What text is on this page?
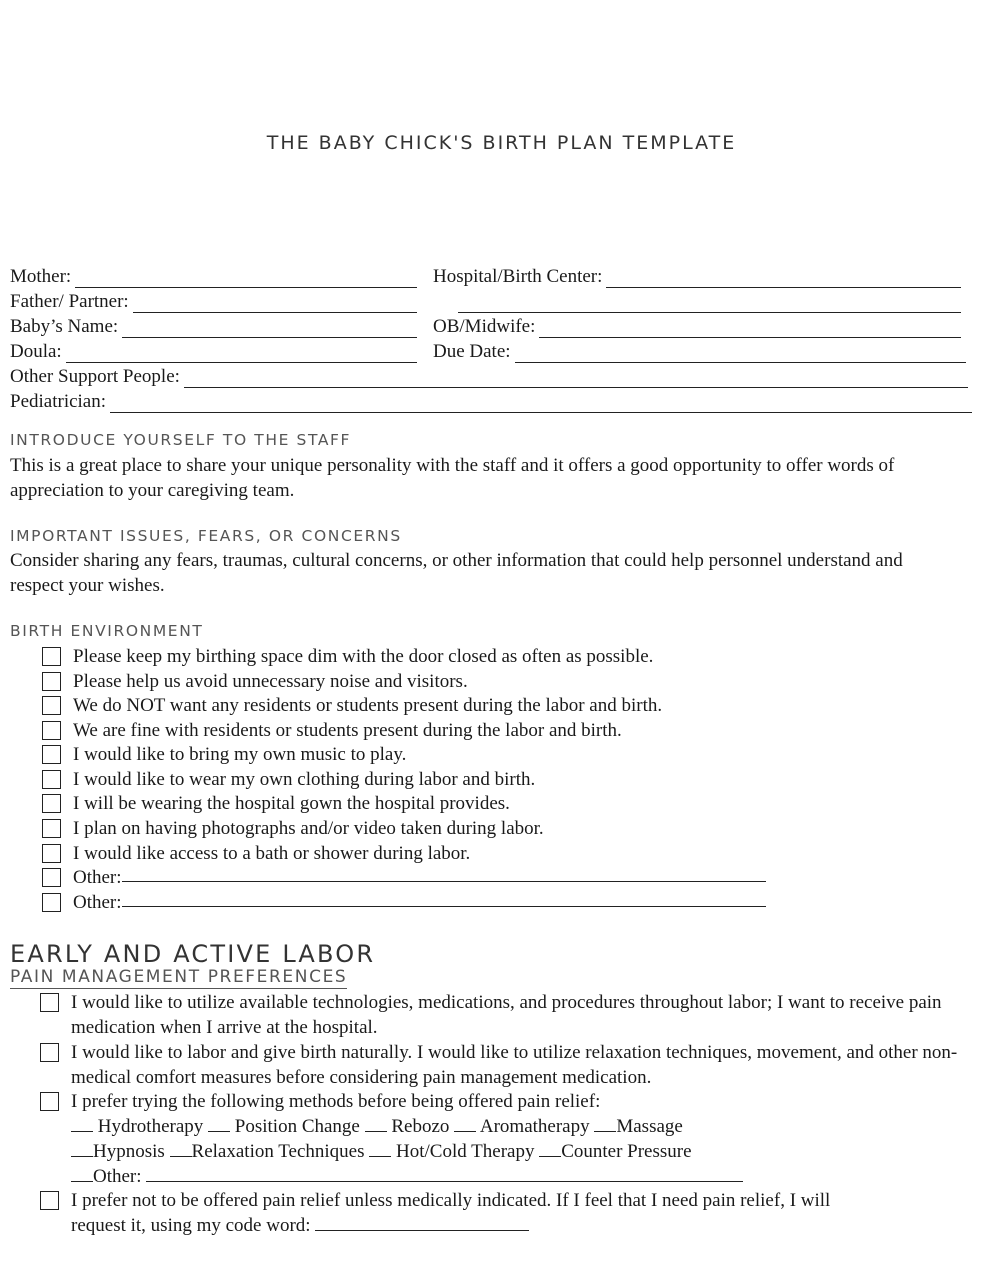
THE BABY CHICK'S BIRTH PLAN TEMPLATE
Mother:	Hospital/Birth Center:
Father/ Partner:
Baby’s Name:	OB/Midwife:
Doula:	Due Date:
Other Support People:
Pediatrician:
INTRODUCE YOURSELF TO THE STAFF
This is a great place to share your unique personality with the staff and it offers a good opportunity to offer words of appreciation to your caregiving team.
IMPORTANT ISSUES, FEARS, OR CONCERNS
Consider sharing any fears, traumas, cultural concerns, or other information that could help personnel understand and respect your wishes.
BIRTH ENVIRONMENT
Please keep my birthing space dim with the door closed as often as possible.
Please help us avoid unnecessary noise and visitors.
We do NOT want any residents or students present during the labor and birth.
We are fine with residents or students present during the labor and birth.
I would like to bring my own music to play.
I would like to wear my own clothing during labor and birth.
I will be wearing the hospital gown the hospital provides.
I plan on having photographs and/or video taken during labor.
I would like access to a bath or shower during labor.
Other:
Other:
EARLY AND ACTIVE LABOR
PAIN MANAGEMENT PREFERENCES
I would like to utilize available technologies, medications, and procedures throughout labor; I want to receive pain medication when I arrive at the hospital.
I would like to labor and give birth naturally. I would like to utilize relaxation techniques, movement, and other non-medical comfort measures before considering pain management medication.
I prefer trying the following methods before being offered pain relief:
Hydrotherapy Position Change Rebozo Aromatherapy Massage
Hypnosis Relaxation Techniques Hot/Cold Therapy Counter Pressure
Other:
I prefer not to be offered pain relief unless medically indicated. If I feel that I need pain relief, I will
request it, using my code word:
